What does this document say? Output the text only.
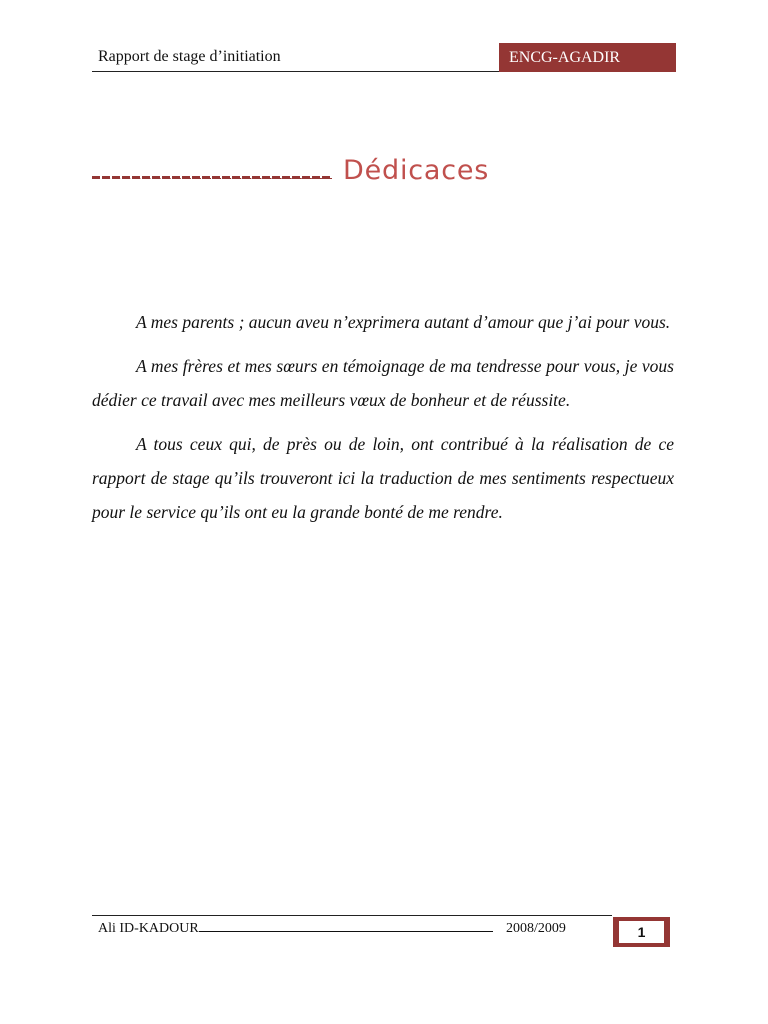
Rapport de stage d’initiation	ENCG-AGADIR
Dédicaces

A mes parents ; aucun aveu n’exprimera autant d’amour que j’ai pour vous.

A mes frères et mes sœurs en témoignage de ma tendresse pour vous, je vous dédier ce travail avec mes meilleurs vœux de bonheur et de réussite.

A tous ceux qui, de près ou de loin, ont contribué à la réalisation de ce rapport de stage qu’ils trouveront ici la traduction de mes sentiments respectueux pour le service qu’ils ont eu la grande bonté de me rendre.

Ali ID-KADOUR	2008/2009	1
